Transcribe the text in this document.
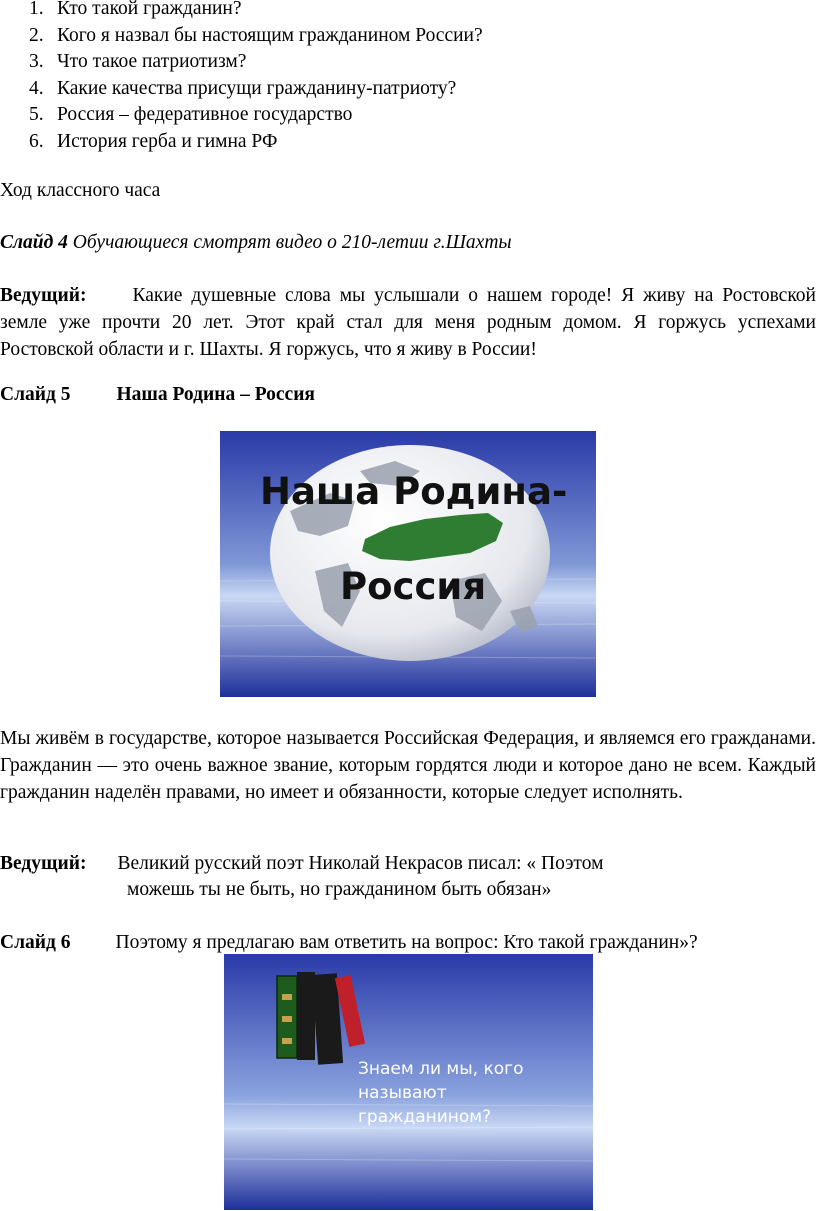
1. Кто такой гражданин?
2. Кого я назвал бы настоящим гражданином России?
3. Что такое патриотизм?
4. Какие качества присущи гражданину-патриоту?
5. Россия – федеративное государство
6. История герба и гимна РФ
Ход классного часа
Слайд 4 Обучающиеся смотрят видео о 210-летии г.Шахты
Ведущий: Какие душевные слова мы услышали о нашем городе! Я живу на Ростовской земле уже прочти 20 лет. Этот край стал для меня родным домом. Я горжусь успехами Ростовской области и г. Шахты. Я горжусь, что я живу в России!
Слайд 5 Наша Родина – Россия
Наша Родина-
Россия
Мы живём в государстве, которое называется Российская Федерация, и являемся его гражданами. Гражданин — это очень важное звание, которым гордятся люди и которое дано не всем. Каждый гражданин наделён правами, но имеет и обязанности, которые следует исполнять.
Ведущий: Великий русский поэт Николай Некрасов писал: « Поэтом
можешь ты не быть, но гражданином быть обязан»
Слайд 6 Поэтому я предлагаю вам ответить на вопрос: Кто такой гражданин»?
Знаем ли мы, кого
называют
гражданином?
